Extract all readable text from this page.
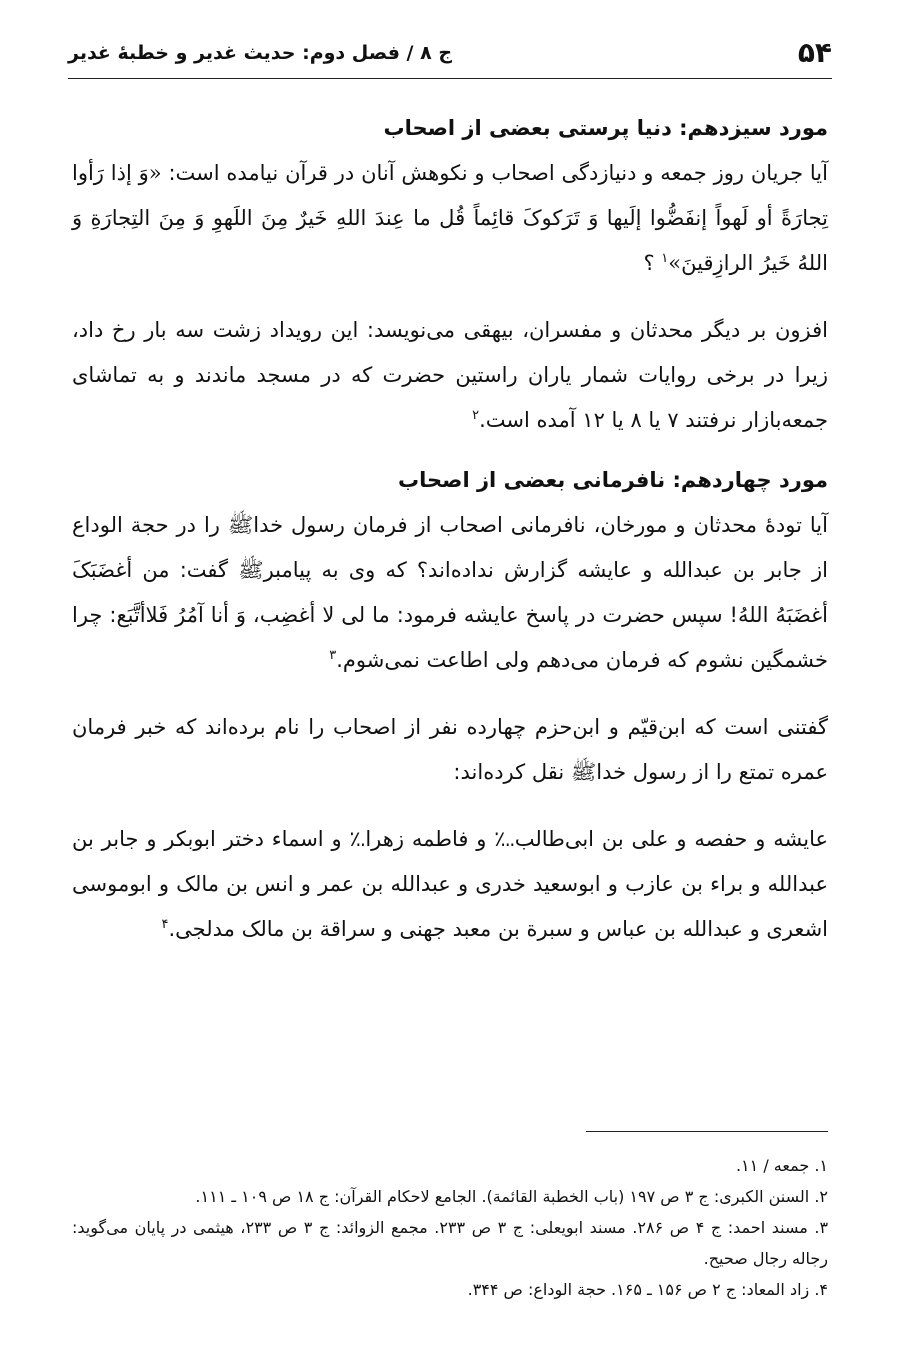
۵۴
ج ۸ / فصل دوم: حدیث غدیر و خطبهٔ غدیر
مورد سیزدهم: دنیا پرستی بعضی از اصحاب

آیا جریان روز جمعه و دنیازدگی اصحاب و نکوهش آنان در قرآن نیامده است: «وَ إذا رَأوا تِجارَةً أو لَهواً إنفَضُّوا إلَیها وَ تَرَکوکَ قائِماً قُل ما عِندَ اللهِ خَیرٌ مِنَ اللَهوِ وَ مِنَ التِجارَةِ وَ اللهُ خَیرُ الرازِقینَ»$^۱$ ؟

افزون بر دیگر محدثان و مفسران، بیهقی می‌نویسد: این رویداد زشت سه بار رخ داد، زیرا در برخی روایات شمار یاران راستین حضرت که در مسجد ماندند و به تماشای جمعه‌بازار نرفتند ۷ یا ۸ یا ۱۲ آمده است.$^۲$

مورد چهاردهم: نافرمانی بعضی از اصحاب

آیا تودهٔ محدثان و مورخان، نافرمانی اصحاب از فرمان رسول خداﷺ را در حجة الوداع از جابر بن عبدالله و عایشه گزارش نداده‌اند؟ که وی به پیامبرﷺ گفت: من أغضَبَکَ أغضَبَهُ اللهُ! سپس حضرت در پاسخ عایشه فرمود: ما لی لا أغضِب، وَ أنا آمُرُ فَلاأتَّبَع: چرا خشمگین نشوم که فرمان می‌دهم ولی اطاعت نمی‌شوم.$^۳$

گفتنی است که ابن‌قیّم و ابن‌حزم چهارده نفر از اصحاب را نام برده‌اند که خبر فرمان عمره تمتع را از رسول خداﷺ نقل کرده‌اند:

عایشه و حفصه و علی بن ابی‌طالب؊ و فاطمه زهرا؉ و اسماء دختر ابوبکر و جابر بن عبدالله و براء بن عازب و ابوسعید خدری و عبدالله بن عمر و انس بن مالک و ابوموسی اشعری و عبدالله بن عباس و سبرة بن معبد جهنی و سراقة بن مالک مدلجی.$^۴$

۱. جمعه / ۱۱.

۲. السنن الکبری: ج ۳ ص ۱۹۷ (باب الخطبة القائمة). الجامع لاحکام القرآن: ج ۱۸ ص ۱۰۹ ـ ۱۱۱.

۳. مسند احمد: ج ۴ ص ۲۸۶. مسند ابویعلی: ج ۳ ص ۲۳۳. مجمع الزوائد: ج ۳ ص ۲۳۳، هیثمی در پایان می‌گوید: رجاله رجال صحیح.

۴. زاد المعاد: ج ۲ ص ۱۵۶ ـ ۱۶۵. حجة الوداع: ص ۳۴۴.
